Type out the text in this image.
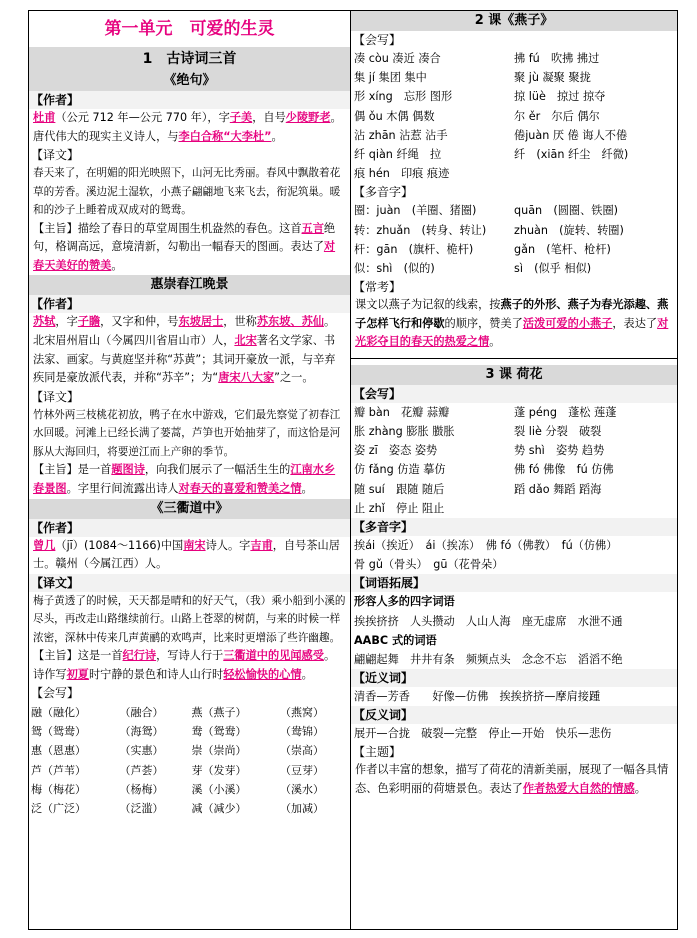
第一单元　可爱的生灵
1　古诗词三首
《绝句》
【作者】
杜甫（公元 712 年—公元 770 年），字子美，自号少陵野老。唐代伟大的现实主义诗人，与李白合称“大李杜”。
【译文】
春天来了，在明媚的阳光映照下，山河无比秀丽。春风中飘散着花草的芳香。溪边泥土湿软，小燕子翩翩地飞来飞去，衔泥筑巢。暖和的沙子上睡着成双成对的鸳鸯。
【主旨】描绘了春日的草堂周围生机盎然的春色。这首五言绝句，格调高远，意境清新，勾勒出一幅春天的图画。表达了对春天美好的赞美。
惠崇春江晚景
【作者】
苏轼，字子瞻，又字和仲，号东坡居士，世称苏东坡、苏仙。北宋眉州眉山（今属四川省眉山市）人，北宋著名文学家、书法家、画家。与黄庭坚并称“苏黄”；其词开豪放一派，与辛弃疾同是豪放派代表，并称“苏辛”；为“唐宋八大家”之一。
【译文】
竹林外两三枝桃花初放，鸭子在水中游戏，它们最先察觉了初春江水回暖。河滩上已经长满了蒌蒿，芦笋也开始抽芽了，而这恰是河豚从大海回归，将要逆江而上产卵的季节。
【主旨】是一首题图诗，向我们展示了一幅活生生的江南水乡春景图。字里行间流露出诗人对春天的喜爱和赞美之情。
《三衢道中》
【作者】
曾几（jī）(1084～1166)中国南宋诗人。字吉甫，自号茶山居士。赣州（今属江西）人。
【译文】
梅子黄透了的时候，天天都是晴和的好天气，（我）乘小船到小溪的尽头，再改走山路继续前行。山路上苍翠的树荫，与来的时候一样浓密，深林中传来几声黄鹂的欢鸣声，比来时更增添了些许幽趣。
【主旨】这是一首纪行诗，写诗人行于三衢道中的见闻感受。诗作写初夏时宁静的景色和诗人山行时轻松愉快的心情。
【会写】
融（融化）	（融合）	燕（燕子）	（燕窝）
鸳（鸳鸯）	（海鸳）	鸯（鸳鸯）	（鸯锦）
惠（恩惠）	（实惠）	崇（崇尚）	（崇高）
芦（芦苇）	（芦荟）	芽（发芽）	（豆芽）
梅（梅花）	（杨梅）	溪（小溪）	（溪水）
泛（广泛）	（泛滥）	减（减少）	（加减）
2 课《燕子》
【会写】
凑 còu 凑近 凑合	拂 fú　吹拂 拂过
集 jí 集团 集中	聚 jù 凝聚 聚拢
形 xíng　忘形 图形	掠 lüè　掠过 掠夺
偶 ǒu 木偶 偶数	尔 ěr　尔后 偶尔
沾 zhān 沾惹 沾手	倦juàn 厌 倦 诲人不倦
纤 qiàn 纤绳　拉	纤　(xiān 纤尘　纤微)
痕 hén　印痕 痕迹
【多音字】
圈：juàn　(羊圈、猪圈)	quān　(圆圈、铁圈)
转：zhuǎn　(转身、转让) zhuàn　(旋转、转圈)
杆：gān　(旗杆、桅杆)	gǎn　(笔杆、枪杆)
似：shì　(似的)	sì　(似乎 相似)
【常考】
课文以燕子为记叙的线索，按燕子的外形、燕子为春光添趣、燕子怎样飞行和停歇的顺序，赞美了活泼可爱的小燕子，表达了对光彩夺目的春天的热爱之情。
3 课 荷花
【会写】
瓣 bàn　花瓣 蒜瓣	蓬 péng　蓬松 莲蓬
胀 zhàng 膨胀 臌胀	裂 liè 分裂　破裂
姿 zī　姿态 姿势	势 shì　姿势 趋势
仿 fǎng 仿造 摹仿	佛 fó 佛像　fú 仿佛
随 suí　跟随 随后	蹈 dǎo 舞蹈 蹈海
止 zhǐ　停止 阻止
【多音字】
挨ái（挨近）　ái（挨冻）　佛 fó（佛教）　fú（仿佛）
骨 gǔ（骨头）　gū（花骨朵）
【词语拓展】
形容人多的四字词语
挨挨挤挤　人头攒动　人山人海　座无虚席　水泄不通
AABC 式的词语
翩翩起舞　井井有条　频频点头　念念不忘　滔滔不绝
【近义词】
清香—芳香　　好像—仿佛　挨挨挤挤—摩肩接踵
【反义词】
展开—合拢　破裂—完整　停止—开始　快乐—悲伤
【主题】
作者以丰富的想象，描写了荷花的清新美丽，展现了一幅各具情态、色彩明丽的荷塘景色。表达了作者热爱大自然的情感。
